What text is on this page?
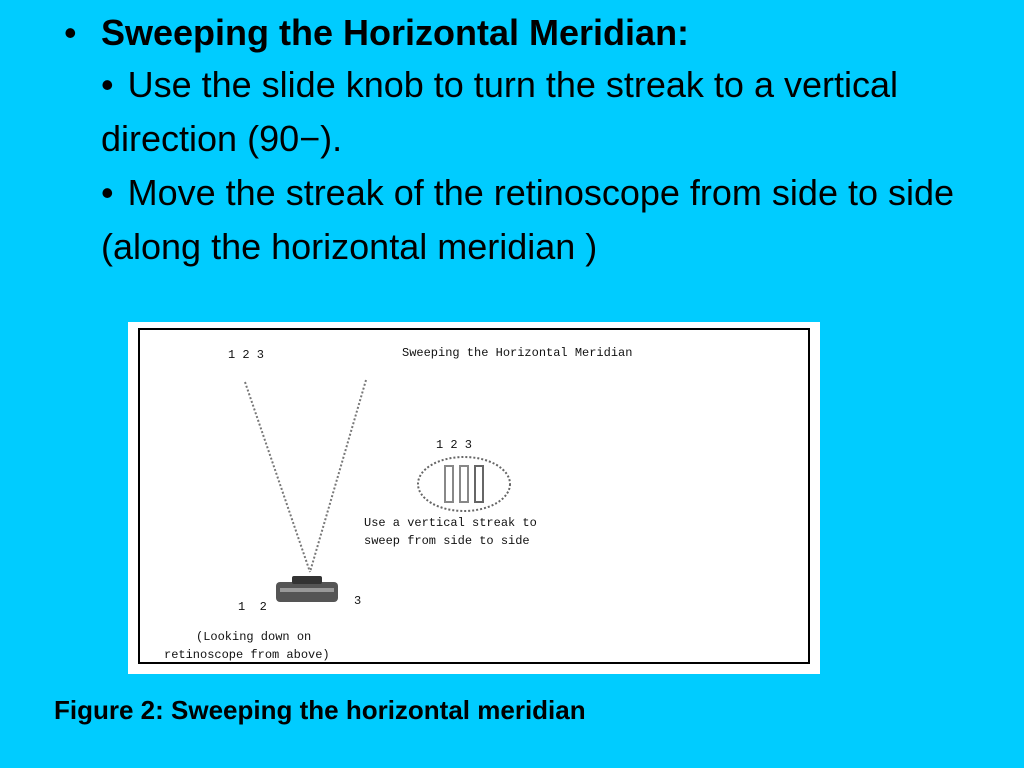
• Sweeping the Horizontal Meridian:
• Use the slide knob to turn the streak to a vertical direction (90−).
• Move the streak of the retinoscope from side to side (along the horizontal meridian )
Sweeping the Horizontal Meridian
1 2 3
1 2 3
Use a vertical streak to
sweep from side to side
1  2	3
(Looking down on
retinoscope from above)
Figure 2: Sweeping the horizontal meridian
